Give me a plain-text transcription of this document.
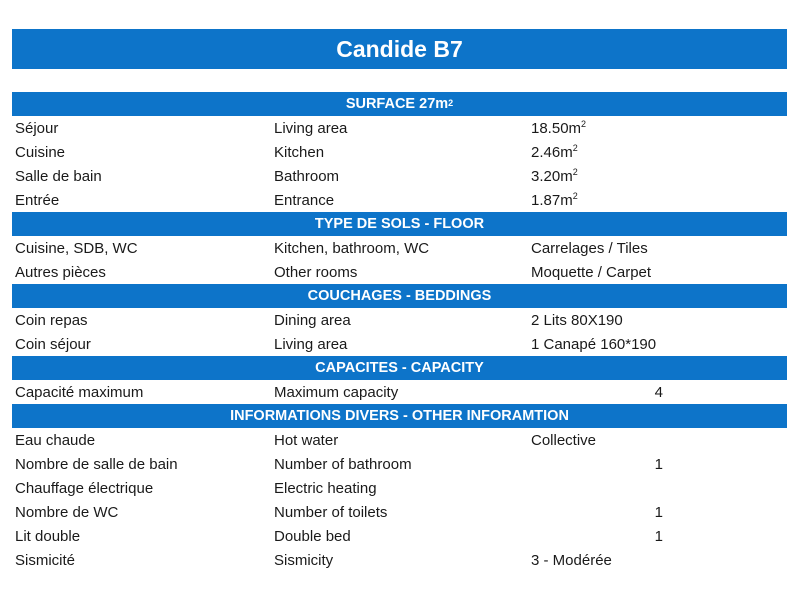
Candide B7
SURFACE $27m^2$
Séjour	Living area	$18.50m^2$
Cuisine	Kitchen	$2.46m^2$
Salle de bain	Bathroom	$3.20m^2$
Entrée	Entrance	$1.87m^2$
TYPE DE SOLS - FLOOR
Cuisine, SDB, WC	Kitchen, bathroom, WC	Carrelages / Tiles
Autres pièces	Other rooms	Moquette / Carpet
COUCHAGES - BEDDINGS
Coin repas	Dining area	2 Lits 80X190
Coin séjour	Living area	1 Canapé 160*190
CAPACITES - CAPACITY
Capacité maximum	Maximum capacity	4
INFORMATIONS DIVERS - OTHER INFORAMTION
Eau chaude	Hot water	Collective
Nombre de salle de bain	Number of bathroom	1
Chauffage électrique	Electric heating
Nombre de WC	Number of toilets	1
Lit double	Double bed	1
Sismicité	Sismicity	3 - Modérée
